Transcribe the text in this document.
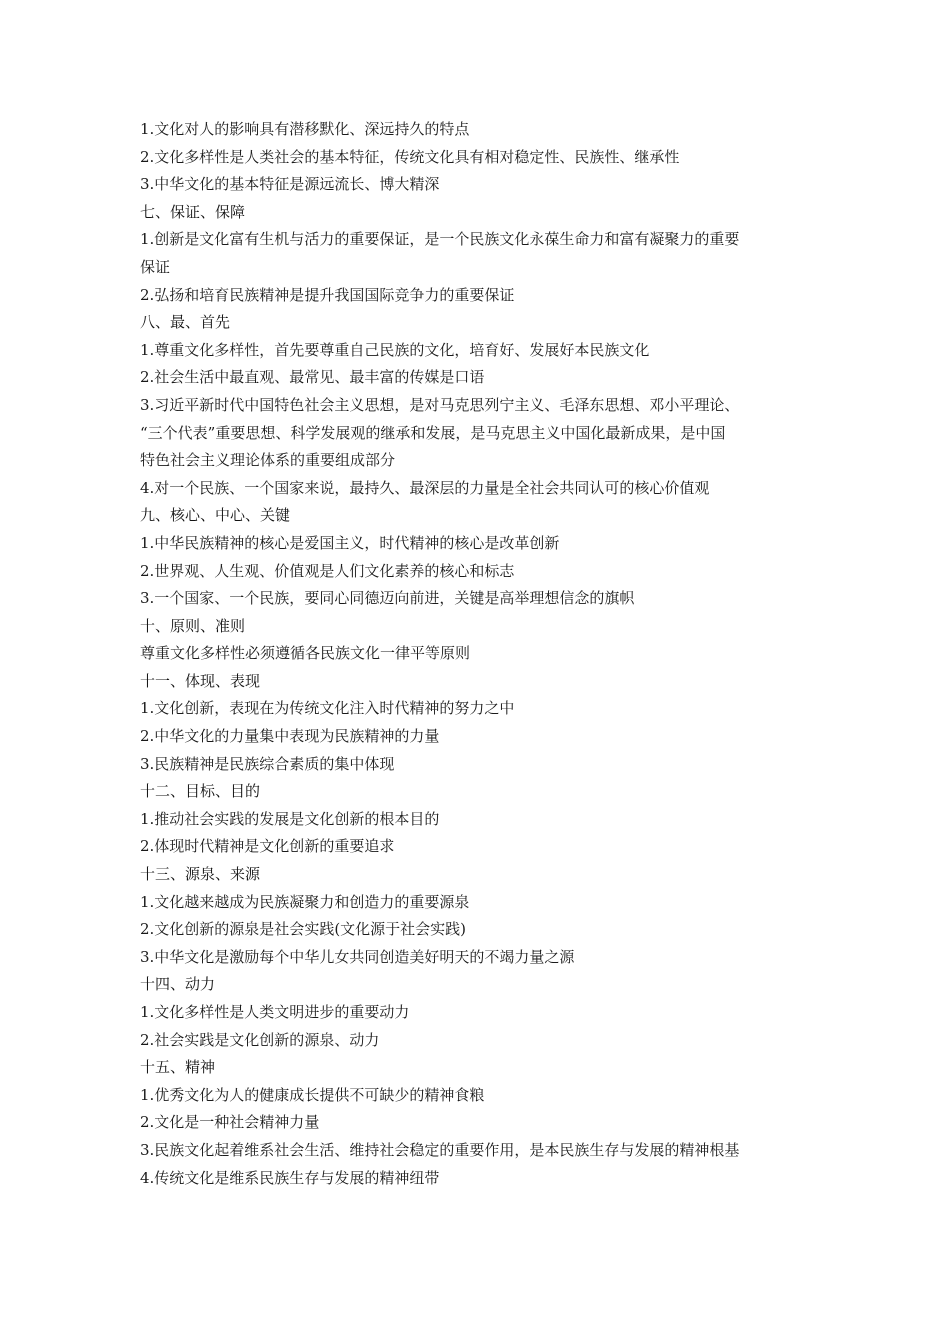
1.文化对人的影响具有潜移默化、深远持久的特点

2.文化多样性是人类社会的基本特征，传统文化具有相对稳定性、民族性、继承性

3.中华文化的基本特征是源远流长、博大精深

七、保证、保障

1.创新是文化富有生机与活力的重要保证，是一个民族文化永葆生命力和富有凝聚力的重要

保证

2.弘扬和培育民族精神是提升我国国际竞争力的重要保证

八、最、首先

1.尊重文化多样性，首先要尊重自己民族的文化，培育好、发展好本民族文化

2.社会生活中最直观、最常见、最丰富的传媒是口语

3.习近平新时代中国特色社会主义思想，是对马克思列宁主义、毛泽东思想、邓小平理论、

“三个代表”重要思想、科学发展观的继承和发展，是马克思主义中国化最新成果，是中国

特色社会主义理论体系的重要组成部分

4.对一个民族、一个国家来说，最持久、最深层的力量是全社会共同认可的核心价值观

九、核心、中心、关键

1.中华民族精神的核心是爱国主义，时代精神的核心是改革创新

2.世界观、人生观、价值观是人们文化素养的核心和标志

3.一个国家、一个民族，要同心同德迈向前进，关键是高举理想信念的旗帜

十、原则、准则

尊重文化多样性必须遵循各民族文化一律平等原则

十一、体现、表现

1.文化创新，表现在为传统文化注入时代精神的努力之中

2.中华文化的力量集中表现为民族精神的力量

3.民族精神是民族综合素质的集中体现

十二、目标、目的

1.推动社会实践的发展是文化创新的根本目的

2.体现时代精神是文化创新的重要追求

十三、源泉、来源

1.文化越来越成为民族凝聚力和创造力的重要源泉

2.文化创新的源泉是社会实践(文化源于社会实践)

3.中华文化是激励每个中华儿女共同创造美好明天的不竭力量之源

十四、动力

1.文化多样性是人类文明进步的重要动力

2.社会实践是文化创新的源泉、动力

十五、精神

1.优秀文化为人的健康成长提供不可缺少的精神食粮

2.文化是一种社会精神力量

3.民族文化起着维系社会生活、维持社会稳定的重要作用，是本民族生存与发展的精神根基

4.传统文化是维系民族生存与发展的精神纽带
